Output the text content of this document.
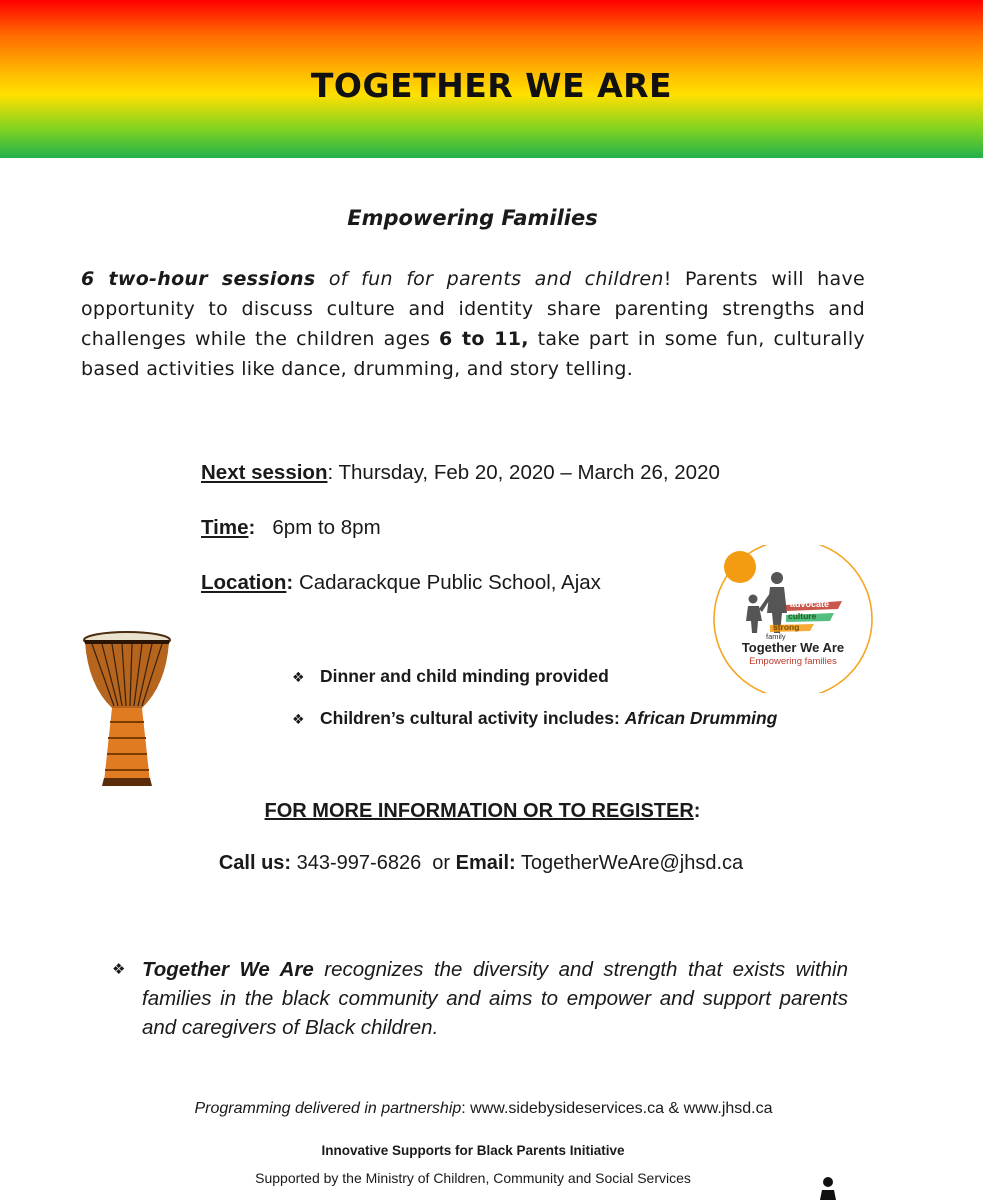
TOGETHER WE ARE
Empowering Families
6 two-hour sessions of fun for parents and children! Parents will have opportunity to discuss culture and identity share parenting strengths and challenges while the children ages 6 to 11, take part in some fun, culturally based activities like dance, drumming, and story telling.
Next session: Thursday, Feb 20, 2020 – March 26, 2020
Time:   6pm to 8pm
Location: Cadarackque Public School, Ajax
❖ Dinner and child minding provided
❖ Children’s cultural activity includes: African Drumming
FOR MORE INFORMATION OR TO REGISTER:
Call us: 343-997-6826  or Email: TogetherWeAre@jhsd.ca
❖ Together We Are recognizes the diversity and strength that exists within families in the black community and aims to empower and support parents and caregivers of Black children.
Programming delivered in partnership: www.sidebysideservices.ca & www.jhsd.ca
Innovative Supports for Black Parents Initiative
Supported by the Ministry of Children, Community and Social Services
advocate
culture
strong
family
Together We Are
Empowering families
